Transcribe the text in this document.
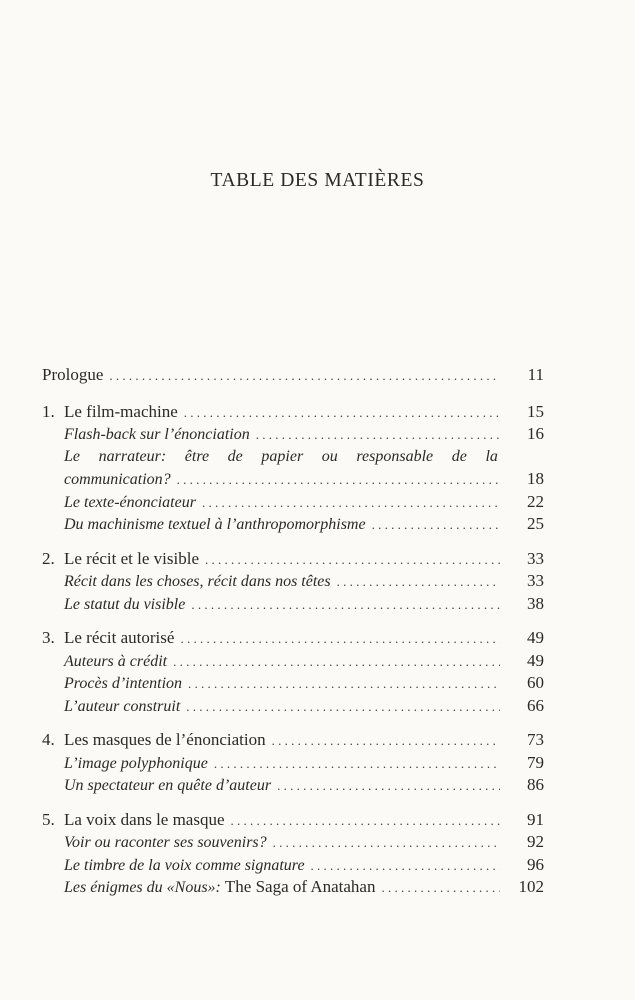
TABLE DES MATIÈRES
Prologue . . .	11
1. Le film-machine . . .	15
Flash-back sur l’énonciation . . .	16
Le narrateur: être de papier ou responsable de la
communication? . . .	18
Le texte-énonciateur . . .	22
Du machinisme textuel à l’anthropomorphisme . . .	25
2. Le récit et le visible . . .	33
Récit dans les choses, récit dans nos têtes . . .	33
Le statut du visible . . .	38
3. Le récit autorisé . . .	49
Auteurs à crédit . . .	49
Procès d’intention . . .	60
L’auteur construit . . .	66
4. Les masques de l’énonciation . . .	73
L’image polyphonique . . .	79
Un spectateur en quête d’auteur . . .	86
5. La voix dans le masque . . .	91
Voir ou raconter ses souvenirs? . . .	92
Le timbre de la voix comme signature . . .	96
Les énigmes du «Nous»: The Saga of Anatahan . . .	102
